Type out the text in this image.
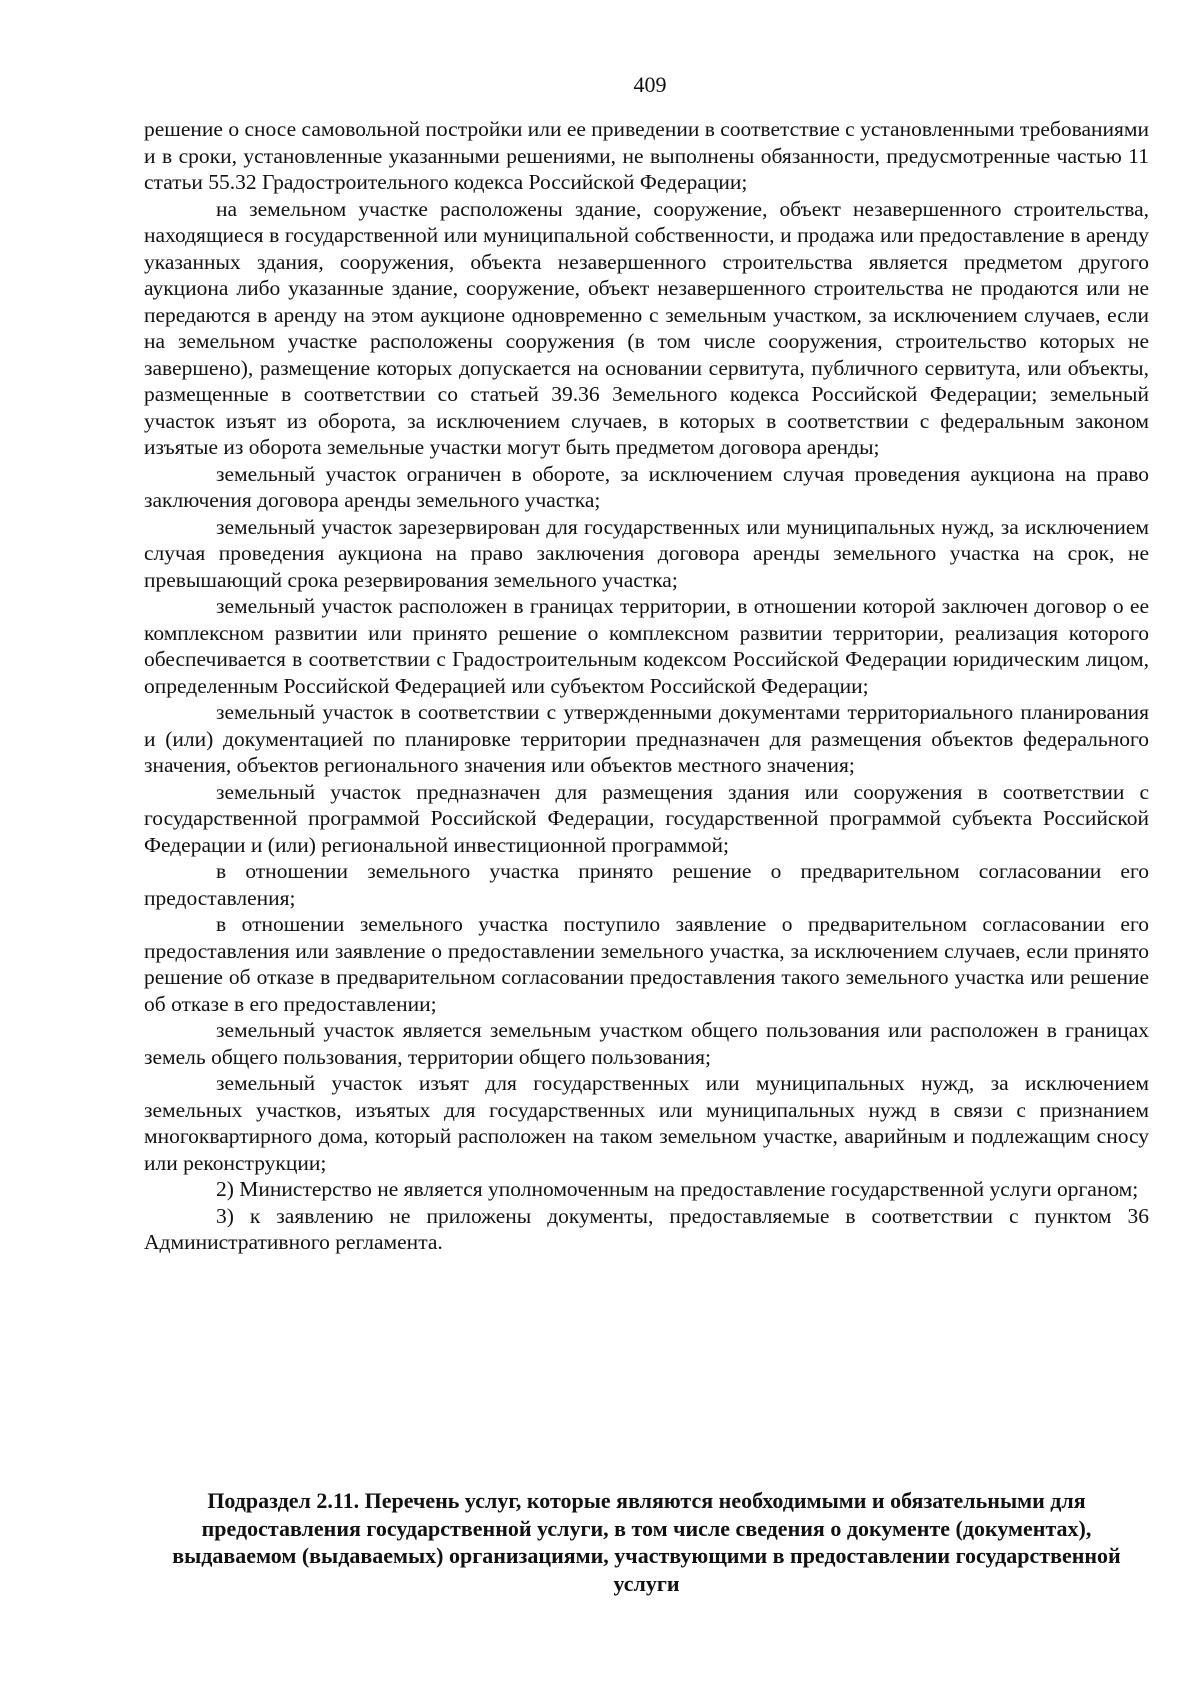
409

решение о сносе самовольной постройки или ее приведении в соответствие с установленными требованиями и в сроки, установленные указанными решениями, не выполнены обязанности, предусмотренные частью 11 статьи 55.32 Градостроительного кодекса Российской Федерации;

на земельном участке расположены здание, сооружение, объект незавершенного строительства, находящиеся в государственной или муниципальной собственности, и продажа или предоставление в аренду указанных здания, сооружения, объекта незавершенного строительства является предметом другого аукциона либо указанные здание, сооружение, объект незавершенного строительства не продаются или не передаются в аренду на этом аукционе одновременно с земельным участком, за исключением случаев, если на земельном участке расположены сооружения (в том числе сооружения, строительство которых не завершено), размещение которых допускается на основании сервитута, публичного сервитута, или объекты, размещенные в соответствии со статьей 39.36 Земельного кодекса Российской Федерации; земельный участок изъят из оборота, за исключением случаев, в которых в соответствии с федеральным законом изъятые из оборота земельные участки могут быть предметом договора аренды;

земельный участок ограничен в обороте, за исключением случая проведения аукциона на право заключения договора аренды земельного участка;

земельный участок зарезервирован для государственных или муниципальных нужд, за исключением случая проведения аукциона на право заключения договора аренды земельного участка на срок, не превышающий срока резервирования земельного участка;

земельный участок расположен в границах территории, в отношении которой заключен договор о ее комплексном развитии или принято решение о комплексном развитии территории, реализация которого обеспечивается в соответствии с Градостроительным кодексом Российской Федерации юридическим лицом, определенным Российской Федерацией или субъектом Российской Федерации;

земельный участок в соответствии с утвержденными документами территориального планирования и (или) документацией по планировке территории предназначен для размещения объектов федерального значения, объектов регионального значения или объектов местного значения;

земельный участок предназначен для размещения здания или сооружения в соответствии с государственной программой Российской Федерации, государственной программой субъекта Российской Федерации и (или) региональной инвестиционной программой;

в отношении земельного участка принято решение о предварительном согласовании его предоставления;

в отношении земельного участка поступило заявление о предварительном согласовании его предоставления или заявление о предоставлении земельного участка, за исключением случаев, если принято решение об отказе в предварительном согласовании предоставления такого земельного участка или решение об отказе в его предоставлении;

земельный участок является земельным участком общего пользования или расположен в границах земель общего пользования, территории общего пользования;

земельный участок изъят для государственных или муниципальных нужд, за исключением земельных участков, изъятых для государственных или муниципальных нужд в связи с признанием многоквартирного дома, который расположен на таком земельном участке, аварийным и подлежащим сносу или реконструкции;

2) Министерство не является уполномоченным на предоставление государственной услуги органом;

3) к заявлению не приложены документы, предоставляемые в соответствии с пунктом 36 Административного регламента.

Подраздел 2.11. Перечень услуг, которые являются необходимыми и обязательными для предоставления государственной услуги, в том числе сведения о документе (документах), выдаваемом (выдаваемых) организациями, участвующими в предоставлении государственной услуги
